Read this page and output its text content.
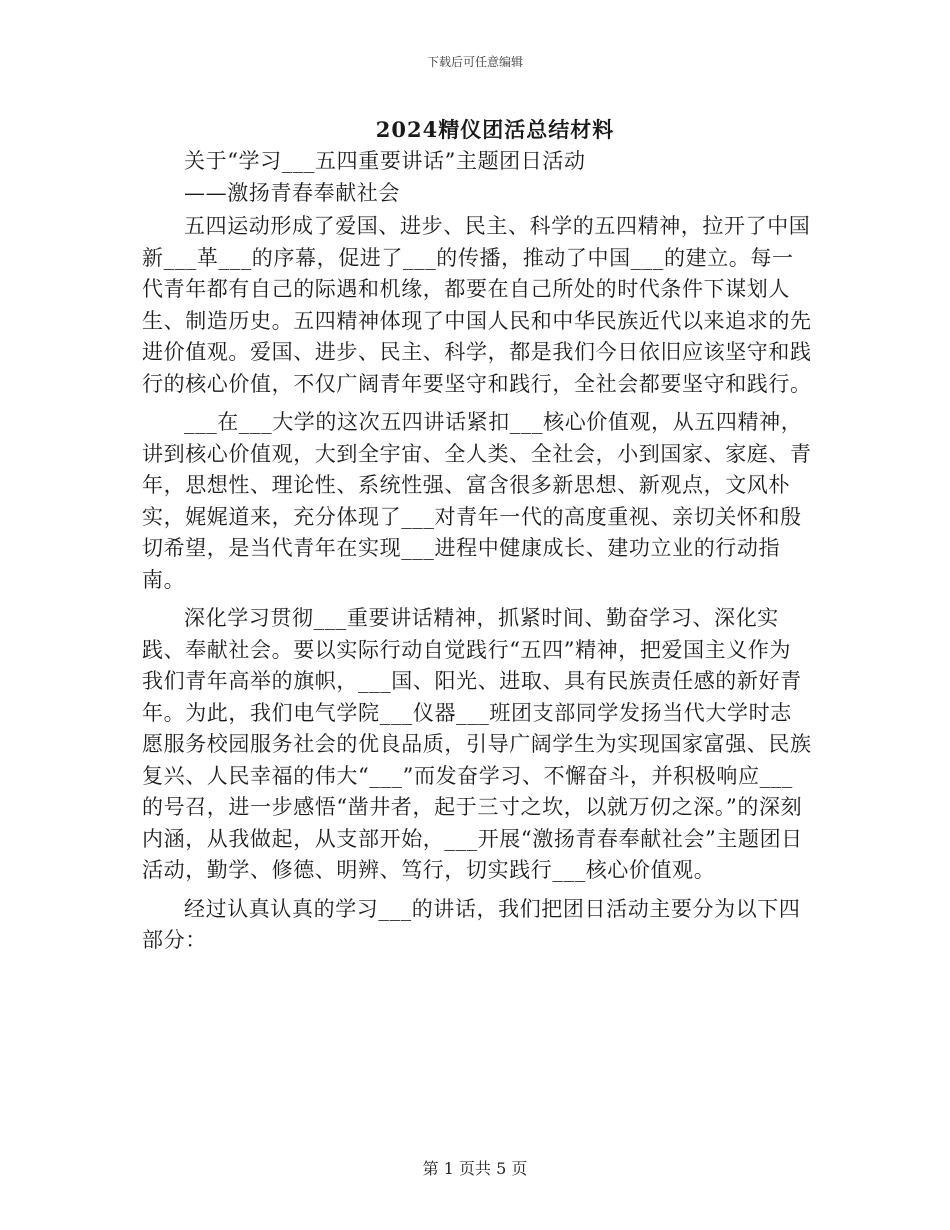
下载后可任意编辑
2024精仪团活总结材料

关于“学习___五四重要讲话”主题团日活动

——激扬青春奉献社会

五四运动形成了爱国、进步、民主、科学的五四精神，拉开了中国新___革___的序幕，促进了___的传播，推动了中国___的建立。每一代青年都有自己的际遇和机缘，都要在自己所处的时代条件下谋划人生、制造历史。五四精神体现了中国人民和中华民族近代以来追求的先进价值观。爱国、进步、民主、科学，都是我们今日依旧应该坚守和践行的核心价值，不仅广阔青年要坚守和践行，全社会都要坚守和践行。

___在___大学的这次五四讲话紧扣___核心价值观，从五四精神，讲到核心价值观，大到全宇宙、全人类、全社会，小到国家、家庭、青年，思想性、理论性、系统性强、富含很多新思想、新观点，文风朴实，娓娓道来，充分体现了___对青年一代的高度重视、亲切关怀和殷切希望，是当代青年在实现___进程中健康成长、建功立业的行动指南。

深化学习贯彻___重要讲话精神，抓紧时间、勤奋学习、深化实践、奉献社会。要以实际行动自觉践行“五四”精神，把爱国主义作为我们青年高举的旗帜，___国、阳光、进取、具有民族责任感的新好青年。为此，我们电气学院___仪器___班团支部同学发扬当代大学时志愿服务校园服务社会的优良品质，引导广阔学生为实现国家富强、民族复兴、人民幸福的伟大“___”而发奋学习、不懈奋斗，并积极响应___的号召，进一步感悟“凿井者，起于三寸之坎，以就万仞之深。”的深刻内涵，从我做起，从支部开始，___开展“激扬青春奉献社会”主题团日活动，勤学、修德、明辨、笃行，切实践行___核心价值观。

经过认真认真的学习___的讲话，我们把团日活动主要分为以下四部分：

第 1 页共 5 页
